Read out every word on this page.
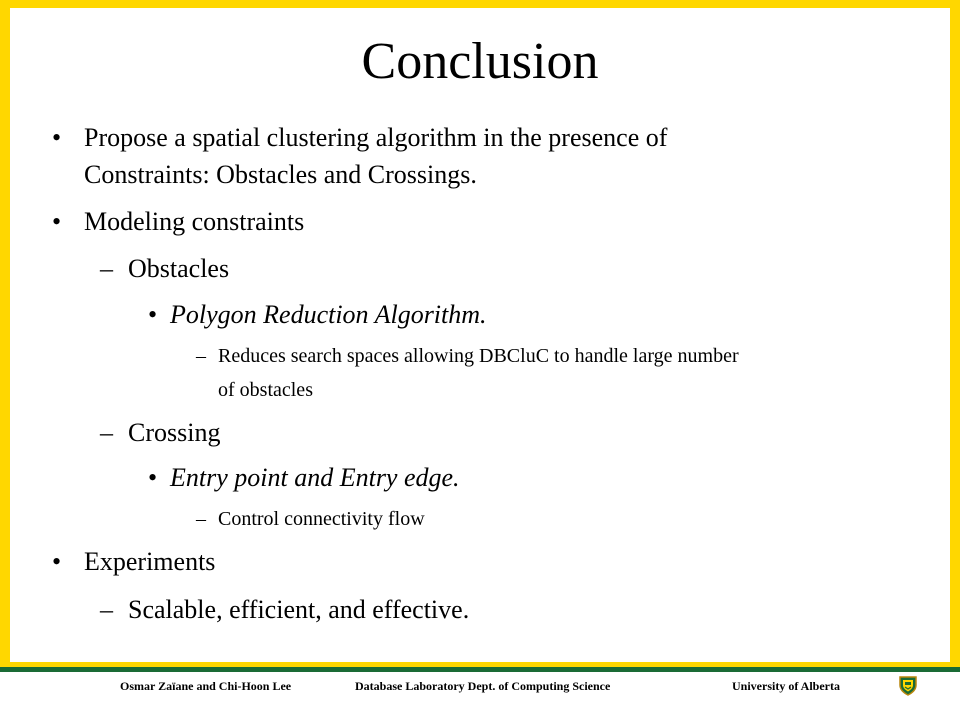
Conclusion
• Propose a spatial clustering algorithm in the presence of
Constraints: Obstacles and Crossings.
• Modeling constraints
– Obstacles
• Polygon Reduction Algorithm.
– Reduces search spaces allowing DBCluC to handle large number
of obstacles
– Crossing
• Entry point and Entry edge.
– Control connectivity flow
• Experiments
– Scalable, efficient, and effective.
Osmar Zaïane and Chi-Hoon Lee	Database Laboratory Dept. of Computing Science	University of Alberta
